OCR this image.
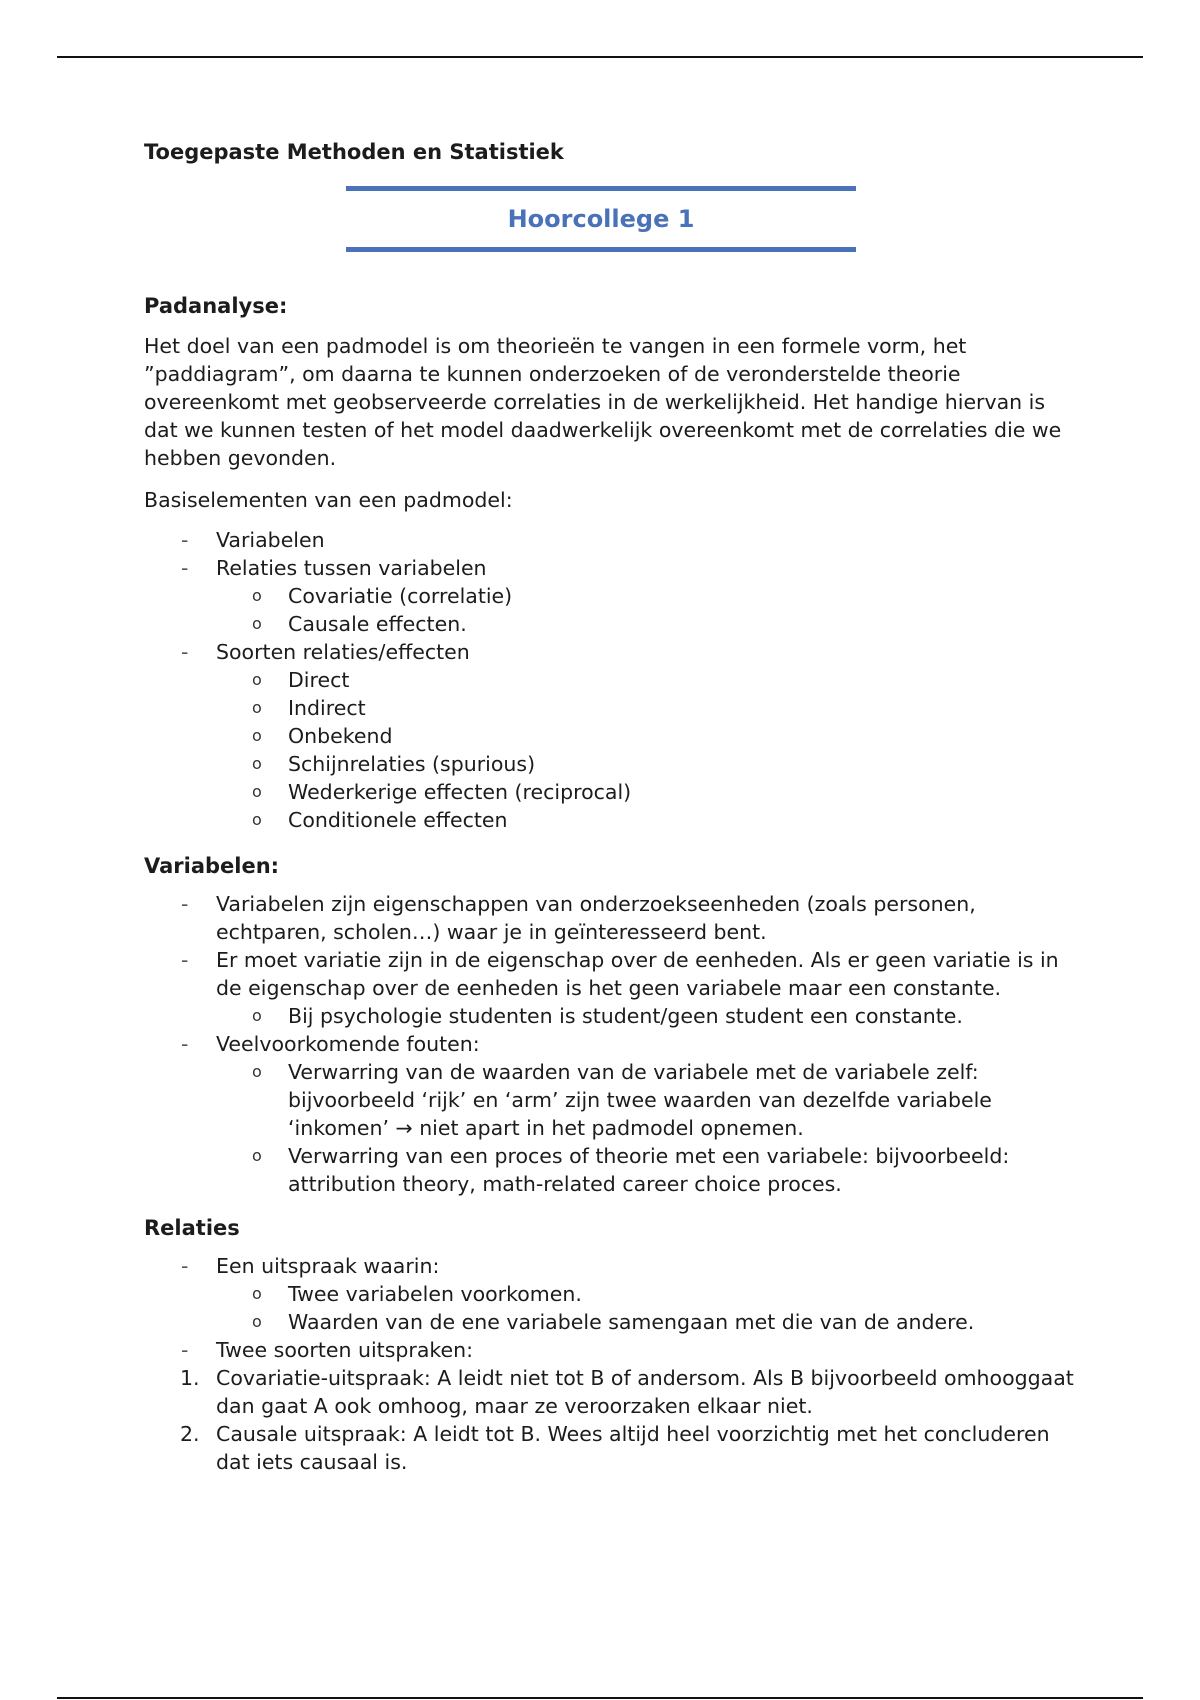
Toegepaste Methoden en Statistiek
Hoorcollege 1
Padanalyse:

Het doel van een padmodel is om theorieën te vangen in een formele vorm, het ”paddiagram”, om daarna te kunnen onderzoeken of de veronderstelde theorie overeenkomt met geobserveerde correlaties in de werkelijkheid. Het handige hiervan is dat we kunnen testen of het model daadwerkelijk overeenkomt met de correlaties die we hebben gevonden.

Basiselementen van een padmodel:

- Variabelen
- Relaties tussen variabelen
o Covariatie (correlatie)
o Causale effecten.
- Soorten relaties/effecten
o Direct
o Indirect
o Onbekend
o Schijnrelaties (spurious)
o Wederkerige effecten (reciprocal)
o Conditionele effecten
Variabelen:
- Variabelen zijn eigenschappen van onderzoekseenheden (zoals personen, echtparen, scholen…) waar je in geïnteresseerd bent.
- Er moet variatie zijn in de eigenschap over de eenheden. Als er geen variatie is in de eigenschap over de eenheden is het geen variabele maar een constante.
o Bij psychologie studenten is student/geen student een constante.
- Veelvoorkomende fouten:
o Verwarring van de waarden van de variabele met de variabele zelf: bijvoorbeeld ‘rijk’ en ‘arm’ zijn twee waarden van dezelfde variabele ‘inkomen’ → niet apart in het padmodel opnemen.
o Verwarring van een proces of theorie met een variabele: bijvoorbeeld: attribution theory, math-related career choice proces.
Relaties
- Een uitspraak waarin:
o Twee variabelen voorkomen.
o Waarden van de ene variabele samengaan met die van de andere.
- Twee soorten uitspraken:
1. Covariatie-uitspraak: A leidt niet tot B of andersom. Als B bijvoorbeeld omhooggaat dan gaat A ook omhoog, maar ze veroorzaken elkaar niet.
2. Causale uitspraak: A leidt tot B. Wees altijd heel voorzichtig met het concluderen dat iets causaal is.
